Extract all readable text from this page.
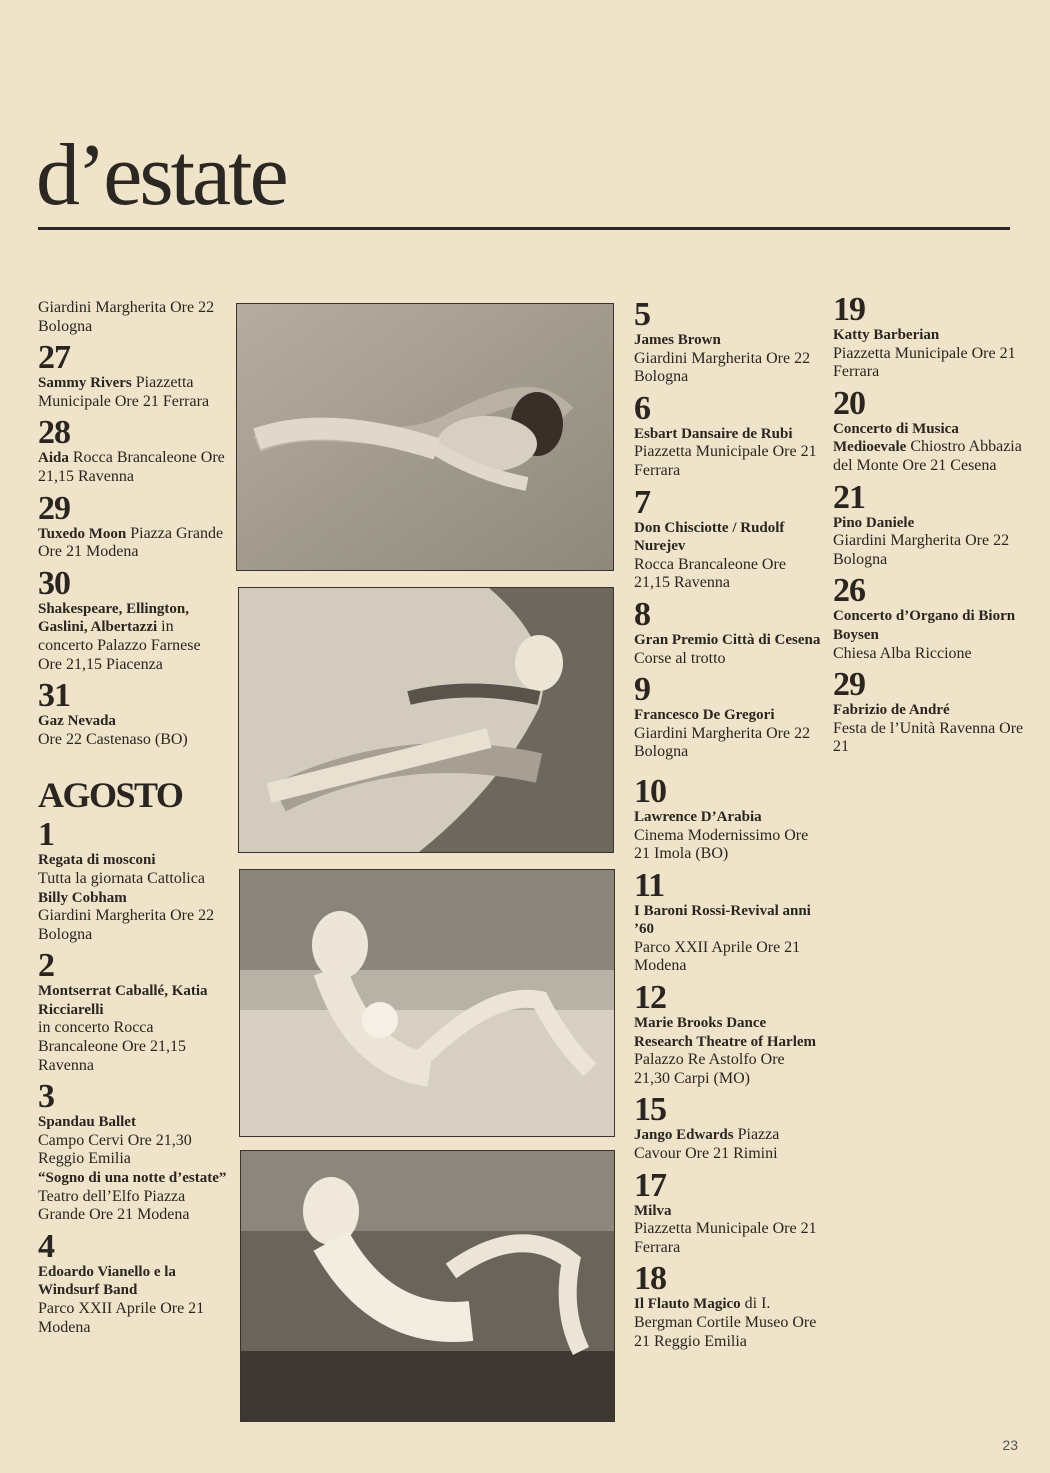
d’estate
Giardini Margherita Ore 22 Bologna
27
Sammy Rivers Piazzetta Municipale Ore 21 Ferrara
28
Aida Rocca Brancaleone Ore 21,15 Ravenna
29
Tuxedo Moon Piazza Grande Ore 21 Modena
30
Shakespeare, Ellington, Gaslini, Albertazzi in concerto Palazzo Farnese Ore 21,15 Piacenza
31
Gaz Nevada
Ore 22 Castenaso (BO)
AGOSTO
1
Regata di mosconi
Tutta la giornata Cattolica
Billy Cobham
Giardini Margherita Ore 22 Bologna
2
Montserrat Caballé, Katia Ricciarelli
in concerto Rocca Brancaleone Ore 21,15 Ravenna
3
Spandau Ballet
Campo Cervi Ore 21,30 Reggio Emilia
“Sogno di una notte d’estate”
Teatro dell’Elfo Piazza Grande Ore 21 Modena
4
Edoardo Vianello e la Windsurf Band
Parco XXII Aprile Ore 21 Modena
5
James Brown
Giardini Margherita Ore 22 Bologna
6
Esbart Dansaire de Rubi
Piazzetta Municipale Ore 21 Ferrara
7
Don Chisciotte / Rudolf Nurejev
Rocca Brancaleone Ore 21,15 Ravenna
8
Gran Premio Città di Cesena Corse al trotto
9
Francesco De Gregori
Giardini Margherita Ore 22 Bologna
10
Lawrence D’Arabia
Cinema Modernissimo Ore 21 Imola (BO)
11
I Baroni Rossi-Revival anni ’60
Parco XXII Aprile Ore 21 Modena
12
Marie Brooks Dance Research Theatre of Harlem
Palazzo Re Astolfo Ore 21,30 Carpi (MO)
15
Jango Edwards Piazza Cavour Ore 21 Rimini
17
Milva
Piazzetta Municipale Ore 21 Ferrara
18
Il Flauto Magico di I. Bergman Cortile Museo Ore 21 Reggio Emilia
19
Katty Barberian
Piazzetta Municipale Ore 21 Ferrara
20
Concerto di Musica Medioevale Chiostro Abbazia del Monte Ore 21 Cesena
21
Pino Daniele
Giardini Margherita Ore 22 Bologna
26
Concerto d’Organo di Biorn Boysen
Chiesa Alba Riccione
29
Fabrizio de André
Festa de l’Unità Ravenna Ore 21
23
